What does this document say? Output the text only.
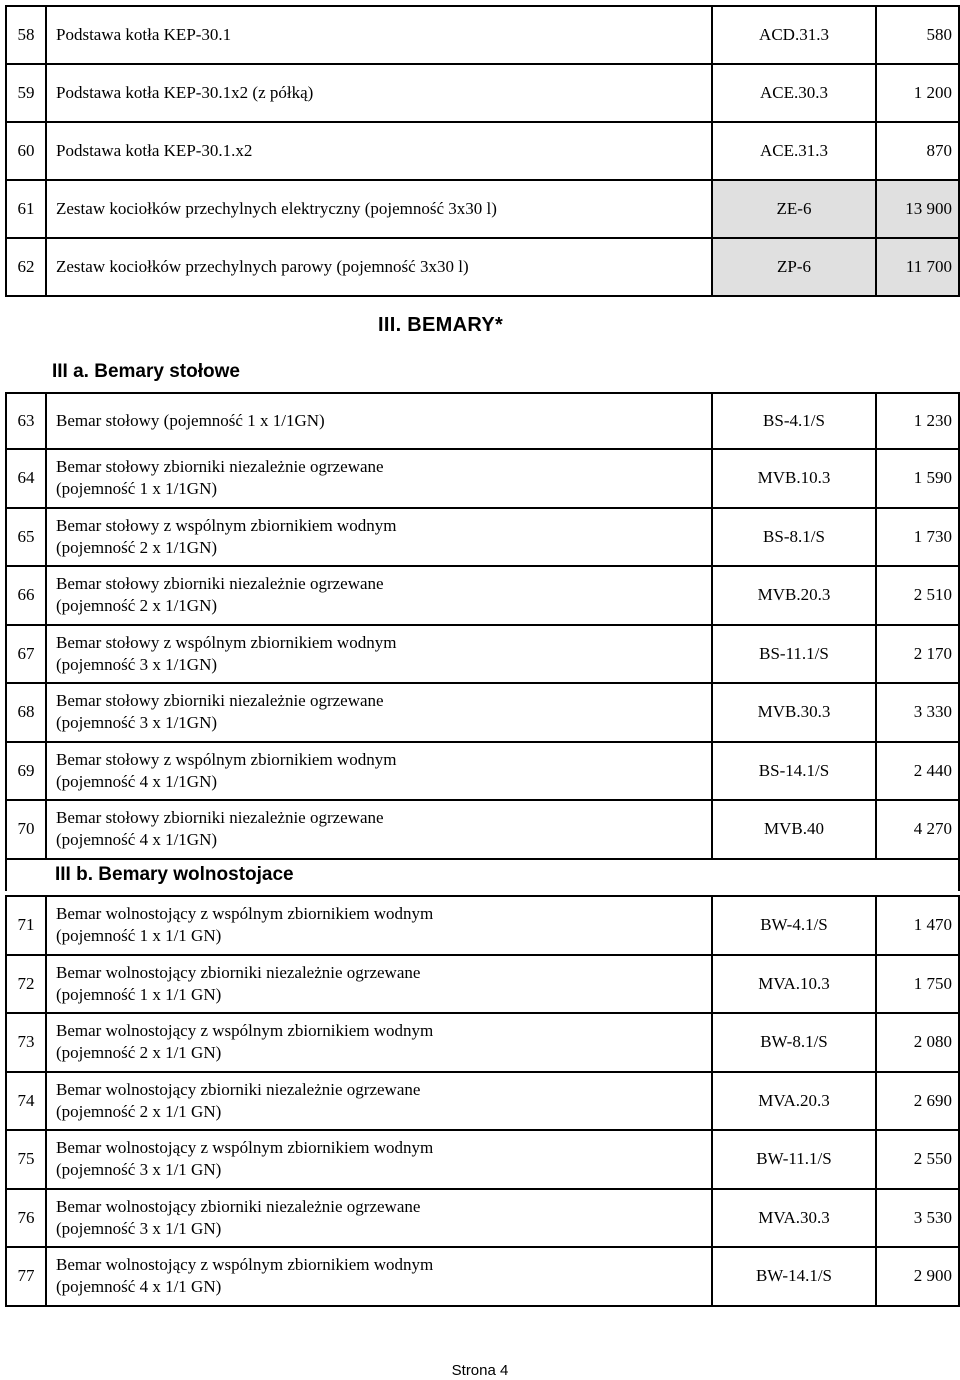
58	Podstawa kotła KEP-30.1	ACD.31.3	580
59	Podstawa kotła KEP-30.1x2 (z półką)	ACE.30.3	1 200
60	Podstawa kotła KEP-30.1.x2	ACE.31.3	870
61	Zestaw kociołków przechylnych elektryczny (pojemność 3x30 l)	ZE-6	13 900
62	Zestaw kociołków przechylnych parowy (pojemność 3x30 l)	ZP-6	11 700
III. BEMARY*
III a. Bemary stołowe
63	Bemar stołowy (pojemność 1 x 1/1GN)	BS-4.1/S	1 230
64	Bemar stołowy zbiorniki niezależnie ogrzewane
(pojemność 1 x 1/1GN)	MVB.10.3	1 590
65	Bemar stołowy z wspólnym zbiornikiem wodnym
(pojemność 2 x 1/1GN)	BS-8.1/S	1 730
66	Bemar stołowy zbiorniki niezależnie ogrzewane
(pojemność 2 x 1/1GN)	MVB.20.3	2 510
67	Bemar stołowy z wspólnym zbiornikiem wodnym
(pojemność 3 x 1/1GN)	BS-11.1/S	2 170
68	Bemar stołowy zbiorniki niezależnie ogrzewane
(pojemność 3 x 1/1GN)	MVB.30.3	3 330
69	Bemar stołowy z wspólnym zbiornikiem wodnym
(pojemność 4 x 1/1GN)	BS-14.1/S	2 440
70	Bemar stołowy zbiorniki niezależnie ogrzewane
(pojemność 4 x 1/1GN)	MVB.40	4 270
	III b. Bemary wolnostojace		
71	Bemar wolnostojący z wspólnym zbiornikiem wodnym
(pojemność 1 x 1/1 GN)	BW-4.1/S	1 470
72	Bemar wolnostojący zbiorniki niezależnie ogrzewane
(pojemność 1 x 1/1 GN)	MVA.10.3	1 750
73	Bemar wolnostojący z wspólnym zbiornikiem wodnym
(pojemność 2 x 1/1 GN)	BW-8.1/S	2 080
74	Bemar wolnostojący zbiorniki niezależnie ogrzewane
(pojemność 2 x 1/1 GN)	MVA.20.3	2 690
75	Bemar wolnostojący z wspólnym zbiornikiem wodnym
(pojemność 3 x 1/1 GN)	BW-11.1/S	2 550
76	Bemar wolnostojący zbiorniki niezależnie ogrzewane
(pojemność 3 x 1/1 GN)	MVA.30.3	3 530
77	Bemar wolnostojący z wspólnym zbiornikiem wodnym
(pojemność 4 x 1/1 GN)	BW-14.1/S	2 900
Strona 4
